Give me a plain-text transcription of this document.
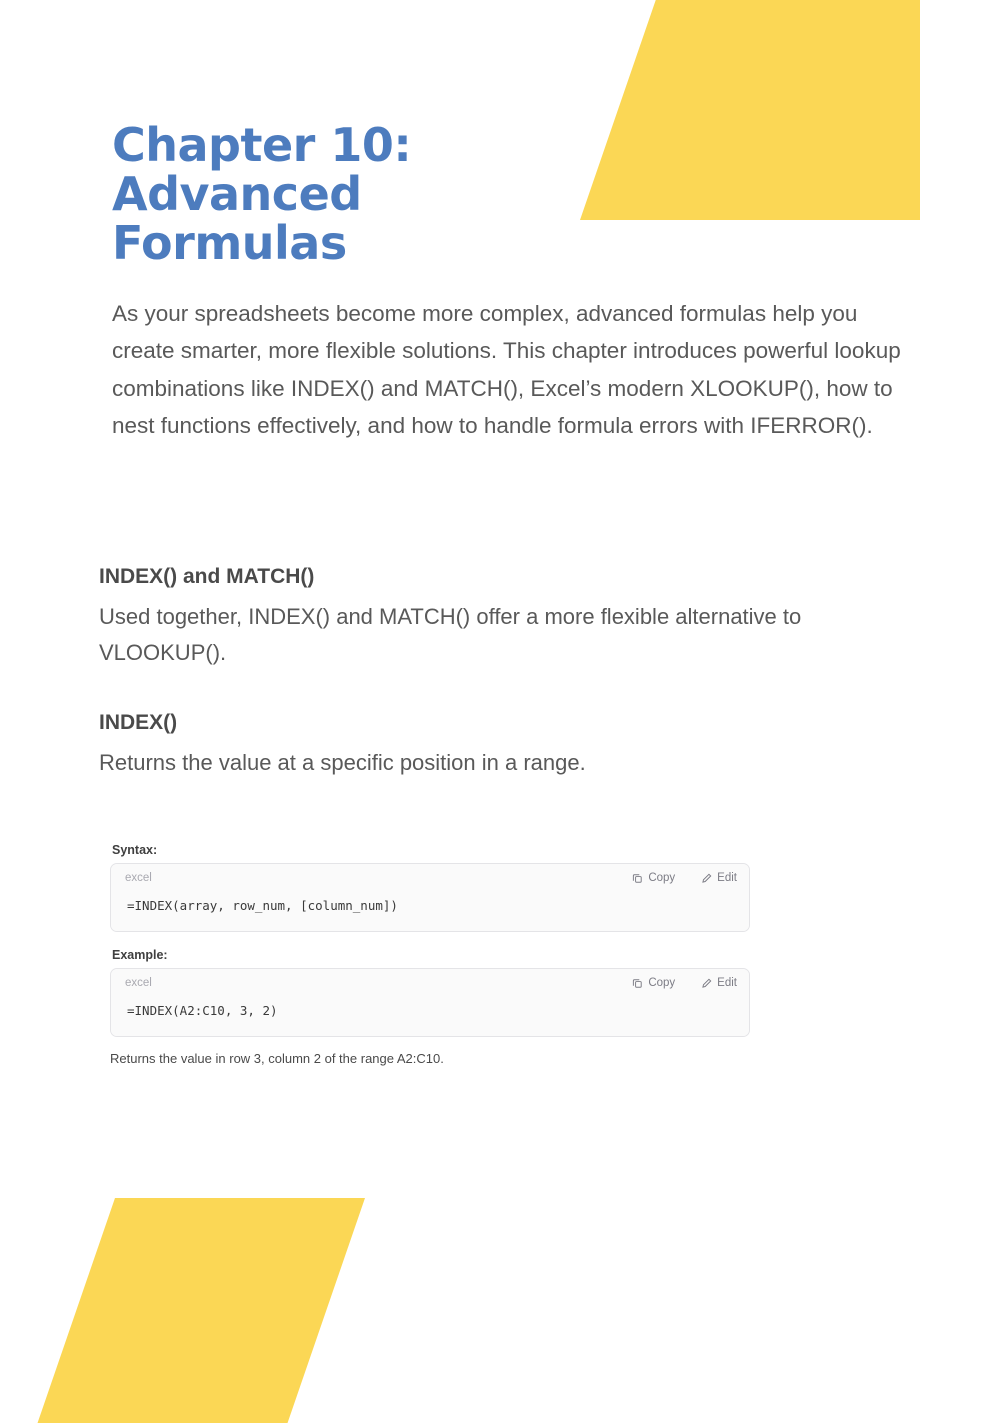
Chapter 10: Advanced Formulas

As your spreadsheets become more complex, advanced formulas help you create smarter, more flexible solutions. This chapter introduces powerful lookup combinations like INDEX() and MATCH(), Excel’s modern XLOOKUP(), how to nest functions effectively, and how to handle formula errors with IFERROR().

INDEX() and MATCH()

Used together, INDEX() and MATCH() offer a more flexible alternative to VLOOKUP().

INDEX()

Returns the value at a specific position in a range.

Syntax:
excel	Copy	Edit
=INDEX(array, row_num, [column_num])
Example:
excel	Copy	Edit
=INDEX(A2:C10, 3, 2)
Returns the value in row 3, column 2 of the range A2:C10.
